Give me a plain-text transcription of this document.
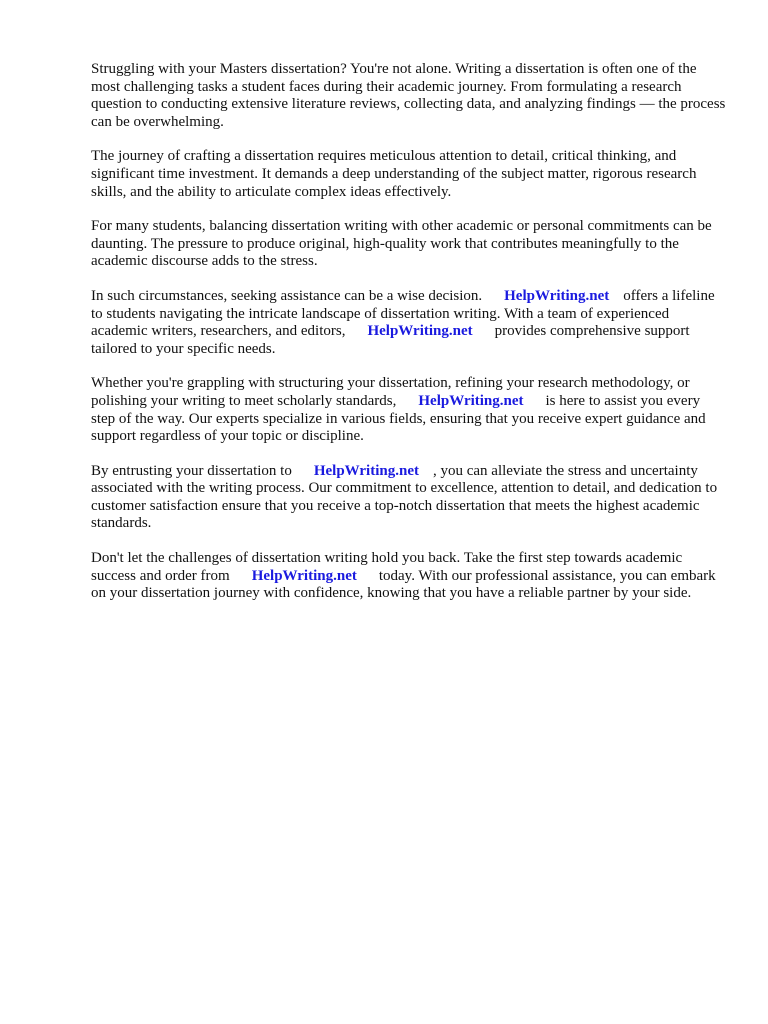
Struggling with your Masters dissertation? You're not alone. Writing a dissertation is often one of the most challenging tasks a student faces during their academic journey. From formulating a research question to conducting extensive literature reviews, collecting data, and analyzing findings — the process can be overwhelming.

The journey of crafting a dissertation requires meticulous attention to detail, critical thinking, and significant time investment. It demands a deep understanding of the subject matter, rigorous research skills, and the ability to articulate complex ideas effectively.

For many students, balancing dissertation writing with other academic or personal commitments can be daunting. The pressure to produce original, high-quality work that contributes meaningfully to the academic discourse adds to the stress.

In such circumstances, seeking assistance can be a wise decision. HelpWriting.net offers a lifeline to students navigating the intricate landscape of dissertation writing. With a team of experienced academic writers, researchers, and editors, HelpWriting.net provides comprehensive support tailored to your specific needs.

Whether you're grappling with structuring your dissertation, refining your research methodology, or polishing your writing to meet scholarly standards, HelpWriting.net is here to assist you every step of the way. Our experts specialize in various fields, ensuring that you receive expert guidance and support regardless of your topic or discipline.

By entrusting your dissertation to HelpWriting.net , you can alleviate the stress and uncertainty associated with the writing process. Our commitment to excellence, attention to detail, and dedication to customer satisfaction ensure that you receive a top-notch dissertation that meets the highest academic standards.

Don't let the challenges of dissertation writing hold you back. Take the first step towards academic success and order from HelpWriting.net today. With our professional assistance, you can embark on your dissertation journey with confidence, knowing that you have a reliable partner by your side.
